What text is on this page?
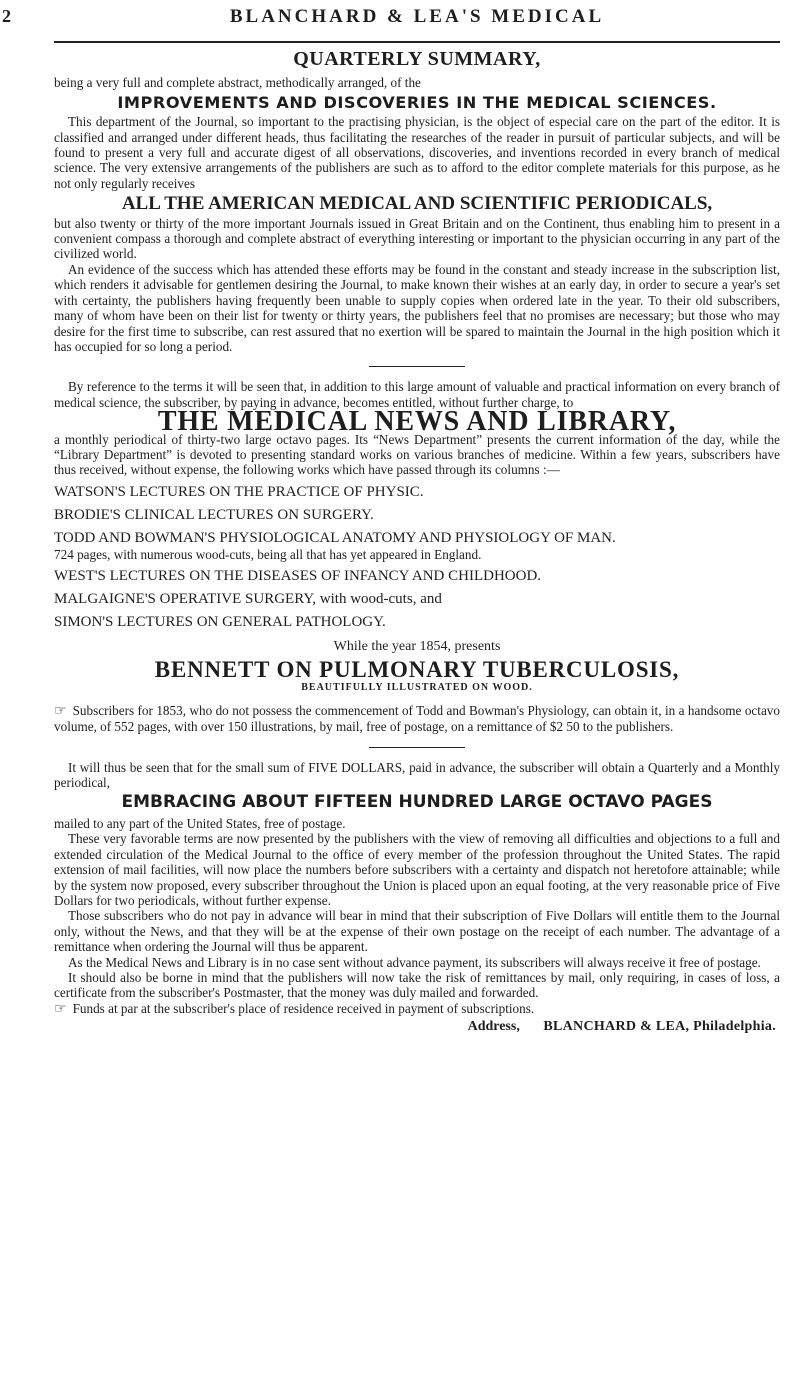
2	BLANCHARD & LEA'S MEDICAL
QUARTERLY SUMMARY,

being a very full and complete abstract, methodically arranged, of the

IMPROVEMENTS AND DISCOVERIES IN THE MEDICAL SCIENCES.

This department of the Journal, so important to the practising physician, is the object of especial care on the part of the editor. It is classified and arranged under different heads, thus facilitating the researches of the reader in pursuit of particular subjects, and will be found to present a very full and accurate digest of all observations, discoveries, and inventions recorded in every branch of medical science. The very extensive arrangements of the publishers are such as to afford to the editor complete materials for this purpose, as he not only regularly receives

ALL THE AMERICAN MEDICAL AND SCIENTIFIC PERIODICALS,

but also twenty or thirty of the more important Journals issued in Great Britain and on the Continent, thus enabling him to present in a convenient compass a thorough and complete abstract of everything interesting or important to the physician occurring in any part of the civilized world.

An evidence of the success which has attended these efforts may be found in the constant and steady increase in the subscription list, which renders it advisable for gentlemen desiring the Journal, to make known their wishes at an early day, in order to secure a year's set with certainty, the publishers having frequently been unable to supply copies when ordered late in the year. To their old subscribers, many of whom have been on their list for twenty or thirty years, the publishers feel that no promises are necessary; but those who may desire for the first time to subscribe, can rest assured that no exertion will be spared to maintain the Journal in the high position which it has occupied for so long a period.

By reference to the terms it will be seen that, in addition to this large amount of valuable and practical information on every branch of medical science, the subscriber, by paying in advance, becomes entitled, without further charge, to

THE MEDICAL NEWS AND LIBRARY,

a monthly periodical of thirty-two large octavo pages. Its “News Department” presents the current information of the day, while the “Library Department” is devoted to presenting standard works on various branches of medicine. Within a few years, subscribers have thus received, without expense, the following works which have passed through its columns :—

WATSON'S LECTURES ON THE PRACTICE OF PHYSIC.
BRODIE'S CLINICAL LECTURES ON SURGERY.
TODD AND BOWMAN'S PHYSIOLOGICAL ANATOMY AND PHYSIOLOGY OF MAN.
724 pages, with numerous wood-cuts, being all that has yet appeared in England.
WEST'S LECTURES ON THE DISEASES OF INFANCY AND CHILDHOOD.
MALGAIGNE'S OPERATIVE SURGERY, with wood-cuts, and
SIMON'S LECTURES ON GENERAL PATHOLOGY.
While the year 1854, presents
BENNETT ON PULMONARY TUBERCULOSIS,
BEAUTIFULLY ILLUSTRATED ON WOOD.

☞ Subscribers for 1853, who do not possess the commencement of Todd and Bowman's Physiology, can obtain it, in a handsome octavo volume, of 552 pages, with over 150 illustrations, by mail, free of postage, on a remittance of $2 50 to the publishers.

It will thus be seen that for the small sum of FIVE DOLLARS, paid in advance, the subscriber will obtain a Quarterly and a Monthly periodical,

EMBRACING ABOUT FIFTEEN HUNDRED LARGE OCTAVO PAGES

mailed to any part of the United States, free of postage.

These very favorable terms are now presented by the publishers with the view of removing all difficulties and objections to a full and extended circulation of the Medical Journal to the office of every member of the profession throughout the United States. The rapid extension of mail facilities, will now place the numbers before subscribers with a certainty and dispatch not heretofore attainable; while by the system now proposed, every subscriber throughout the Union is placed upon an equal footing, at the very reasonable price of Five Dollars for two periodicals, without further expense.

Those subscribers who do not pay in advance will bear in mind that their subscription of Five Dollars will entitle them to the Journal only, without the News, and that they will be at the expense of their own postage on the receipt of each number. The advantage of a remittance when ordering the Journal will thus be apparent.

As the Medical News and Library is in no case sent without advance payment, its subscribers will always receive it free of postage.

It should also be borne in mind that the publishers will now take the risk of remittances by mail, only requiring, in cases of loss, a certificate from the subscriber's Postmaster, that the money was duly mailed and forwarded.

☞ Funds at par at the subscriber's place of residence received in payment of subscriptions.

Address, BLANCHARD & LEA, Philadelphia.
